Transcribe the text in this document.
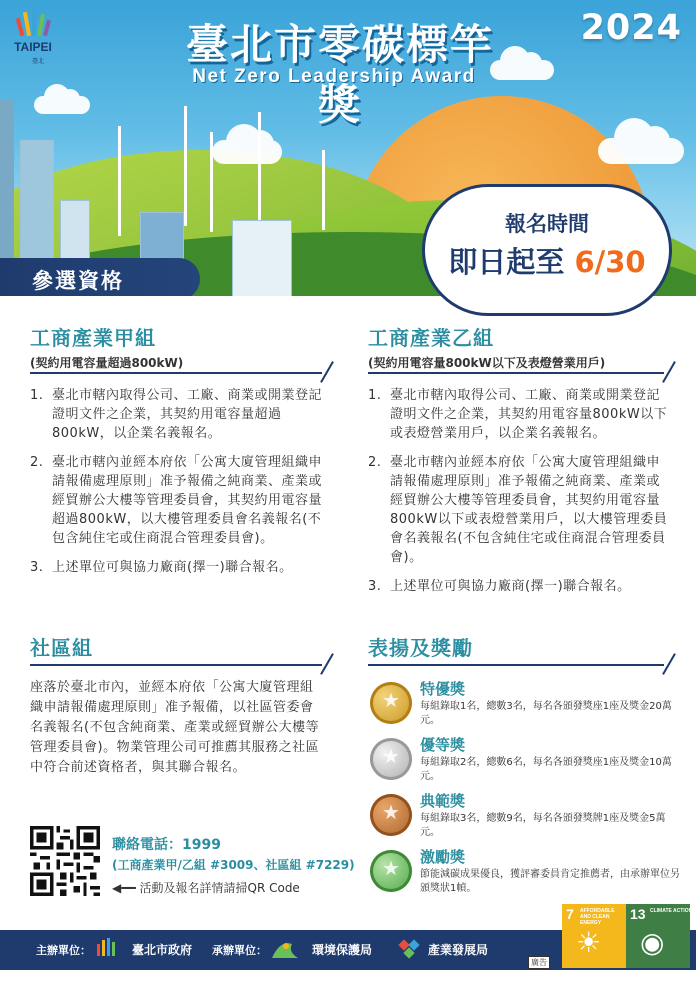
TAIPEI
臺北	臺北市零碳標竿獎
Net Zero Leadership Award
2024
參選資格
報名時間
即日起至 6/30
工商產業甲組
(契約用電容量超過800kW)
1. 臺北市轄內取得公司、工廠、商業或開業登記證明文件之企業，其契約用電容量超過800kW，以企業名義報名。
2. 臺北市轄內並經本府依「公寓大廈管理組織申請報備處理原則」准予報備之純商業、產業或經貿辦公大樓等管理委員會，其契約用電容量超過800kW，以大樓管理委員會名義報名(不包含純住宅或住商混合管理委員會)。
3. 上述單位可與協力廠商(擇一)聯合報名。
社區組
座落於臺北市內，並經本府依「公寓大廈管理組織申請報備處理原則」准予報備，以社區管委會名義報名(不包含純商業、產業或經貿辦公大樓等管理委員會)。物業管理公司可推薦其服務之社區中符合前述資格者，與其聯合報名。
聯絡電話：1999
(工商產業甲/乙組 #3009、社區組 #7229)
◀━━ 活動及報名詳情請掃QR Code
工商產業乙組
(契約用電容量800kW以下及表燈營業用戶)
1. 臺北市轄內取得公司、工廠、商業或開業登記證明文件之企業，其契約用電容量800kW以下或表燈營業用戶，以企業名義報名。
2. 臺北市轄內並經本府依「公寓大廈管理組織申請報備處理原則」准予報備之純商業、產業或經貿辦公大樓等管理委員會，其契約用電容量800kW以下或表燈營業用戶，以大樓管理委員會名義報名(不包含純住宅或住商混合管理委員會)。
3. 上述單位可與協力廠商(擇一)聯合報名。
表揚及獎勵
★
特優獎
每組錄取1名，總數3名，每名各頒發獎座1座及獎金20萬元。
★
優等獎
每組錄取2名，總數6名，每名各頒發獎座1座及獎金10萬元。
★
典範獎
每組錄取3名，總數9名，每名各頒發獎牌1座及獎金5萬元。
★
激勵獎
節能減碳成果優良，獲評審委員肯定推薦者，由承辦單位另頒獎狀1幀。
主辦單位：	臺北市政府 承辦單位：	環境保護局	產業發展局
廣告
7 AFFORDABLE AND CLEAN ENERGY
☀
13 CLIMATE ACTION
◉
